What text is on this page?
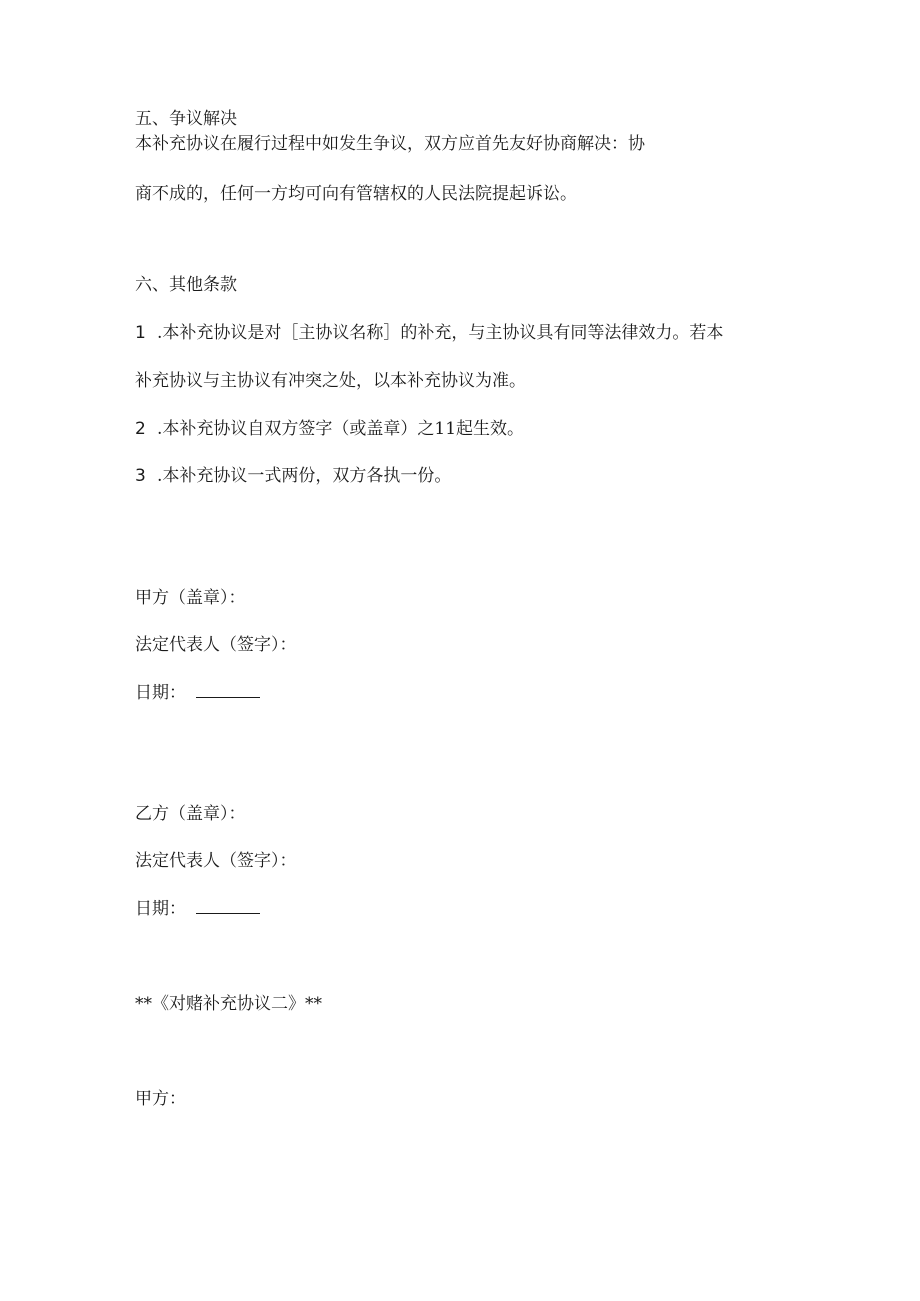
五、争议解决
本补充协议在履行过程中如发生争议，双方应首先友好协商解决：协
商不成的，任何一方均可向有管辖权的人民法院提起诉讼。
六、其他条款
1 .本补充协议是对［主协议名称］的补充，与主协议具有同等法律效力。若本
补充协议与主协议有冲突之处，以本补充协议为准。
2 .本补充协议自双方签字（或盖章）之11起生效。
3 .本补充协议一式两份，双方各执一份。
甲方（盖章）：
法定代表人（签字）：
日期：
乙方（盖章）：
法定代表人（签字）：
日期：
**《对赌补充协议二》**
甲方：
